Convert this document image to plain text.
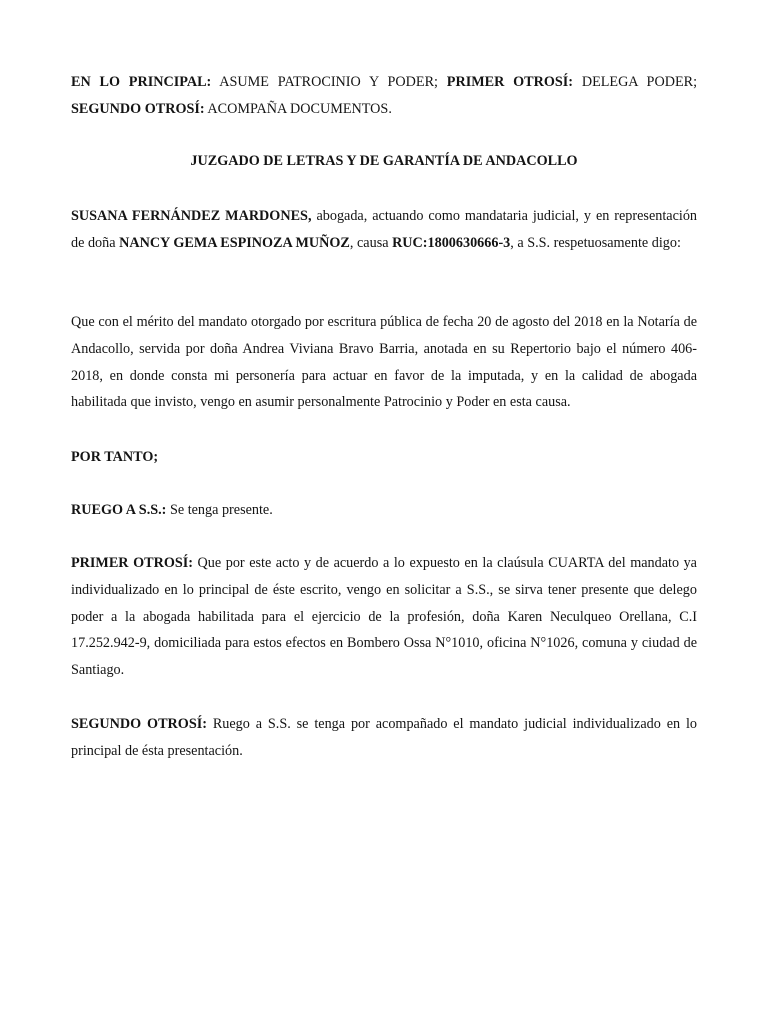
EN LO PRINCIPAL: ASUME PATROCINIO Y PODER; PRIMER OTROSÍ: DELEGA PODER; SEGUNDO OTROSÍ: ACOMPAÑA DOCUMENTOS.

JUZGADO DE LETRAS Y DE GARANTÍA DE ANDACOLLO

SUSANA FERNÁNDEZ MARDONES, abogada, actuando como mandataria judicial, y en representación de doña NANCY GEMA ESPINOZA MUÑOZ, causa RUC:1800630666-3, a S.S. respetuosamente digo:

Que con el mérito del mandato otorgado por escritura pública de fecha 20 de agosto del 2018 en la Notaría de Andacollo, servida por doña Andrea Viviana Bravo Barria, anotada en su Repertorio bajo el número 406-2018, en donde consta mi personería para actuar en favor de la imputada, y en la calidad de abogada habilitada que invisto, vengo en asumir personalmente Patrocinio y Poder en esta causa.

POR TANTO;

RUEGO A S.S.: Se tenga presente.

PRIMER OTROSÍ: Que por este acto y de acuerdo a lo expuesto en la claúsula CUARTA del mandato ya individualizado en lo principal de éste escrito, vengo en solicitar a S.S., se sirva tener presente que delego poder a la abogada habilitada para el ejercicio de la profesión, doña Karen Neculqueo Orellana, C.I 17.252.942-9, domiciliada para estos efectos en Bombero Ossa N°1010, oficina N°1026, comuna y ciudad de Santiago.

SEGUNDO OTROSÍ: Ruego a S.S. se tenga por acompañado el mandato judicial individualizado en lo principal de ésta presentación.
